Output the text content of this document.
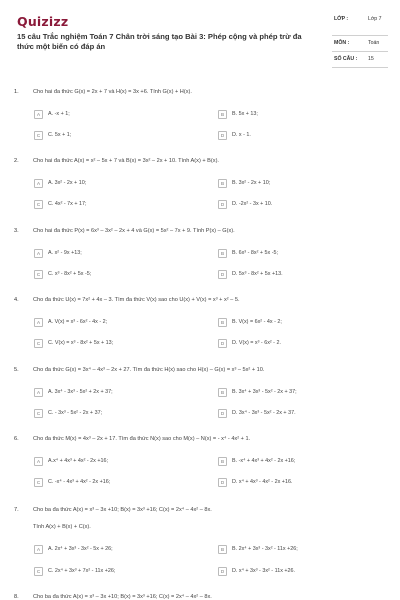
Quizizz
15 câu Trắc nghiệm Toán 7 Chân trời sáng tạo Bài 3: Phép cộng và phép trừ đa thức một biến có đáp án
LỚP :	Lớp 7
MÔN :	Toán
SỐ CÂU : 15
1.	Cho hai đa thức G(x) = 2x + 7 và H(x) = 3x +6. Tính G(x) + H(x).
A	A. -x + 1;	B	B. 5x + 13;
C	C. 5x + 1;	D	D. x - 1.
2.	Cho hai đa thức A(x) = x² – 5x + 7 và B(x) = 3x² – 2x + 10. Tính A(x) + B(x).
A	A. 3x² - 2x + 10;	B	B. 3x² - 2x + 10;
C	C. 4x² - 7x + 17;	D	D. -2x² - 3x + 10.
3.	Cho hai đa thức P(x) = 6x³ – 3x² – 2x + 4 và G(x) = 5x² – 7x + 9. Tính P(x) – G(x).
A	A. x² - 9x +13;	B	B. 6x³ - 8x² + 5x -5;
C	C. x³ - 8x² + 5x -5;	D	D. 5x³ - 8x² + 5x +13.
4.	Cho đa thức U(x) = 7x² + 4x – 3. Tìm đa thức V(x) sao cho U(x) + V(x) = x³ + x² – 5.
A	A. V(x) = x³ - 6x² - 4x - 2;	B	B. V(x) = 6x² - 4x - 2;
C	C. V(x) = x³ - 8x² + 5x + 13;	D	D. V(x) = x³ - 6x² - 2.
5.	Cho đa thức G(x) = 3x⁴ – 4x³ – 2x + 27. Tìm đa thức H(x) sao cho H(x) – G(x) = x³ – 5x² + 10.
A	A. 3x⁴ - 3x³ - 5x² + 2x + 37;	B	B. 3x⁴ + 3x³ - 5x² - 2x + 37;
C	C. - 3x³ - 5x² - 2x + 37;	D	D. 3x⁴ - 3x³ - 5x² - 2x + 37.
6.	Cho đa thức M(x) = 4x³ – 2x + 17. Tìm đa thức N(x) sao cho M(x) – N(x) = - x⁴ - 4x² + 1.
A	A.x⁴ + 4x³ + 4x² - 2x +16;	B	B. -x⁴ + 4x³ + 4x² - 2x +16;
C	C. -x⁴ - 4x³ + 4x² - 2x +16;	D	D. x⁴ + 4x³ - 4x² - 2x +16.
7.	Cho ba đa thức A(x) = x³ – 3x +10; B(x) = 3x³ +16; C(x) = 2x⁴ – 4x² – 8x.
Tính A(x) + B(x) + C(x).
A	A. 2x⁴ + 3x³ - 3x² - 5x + 26;	B	B. 2x⁴ + 3x³ - 3x² - 11x +26;
C	C. 2x⁴ + 3x³ + 7x² - 11x +26;	D	D. x⁴ + 3x³ - 3x² - 11x +26.
8.	Cho ba đa thức A(x) = x³ – 3x +10; B(x) = 3x³ +16; C(x) = 2x⁴ – 4x² – 8x.
